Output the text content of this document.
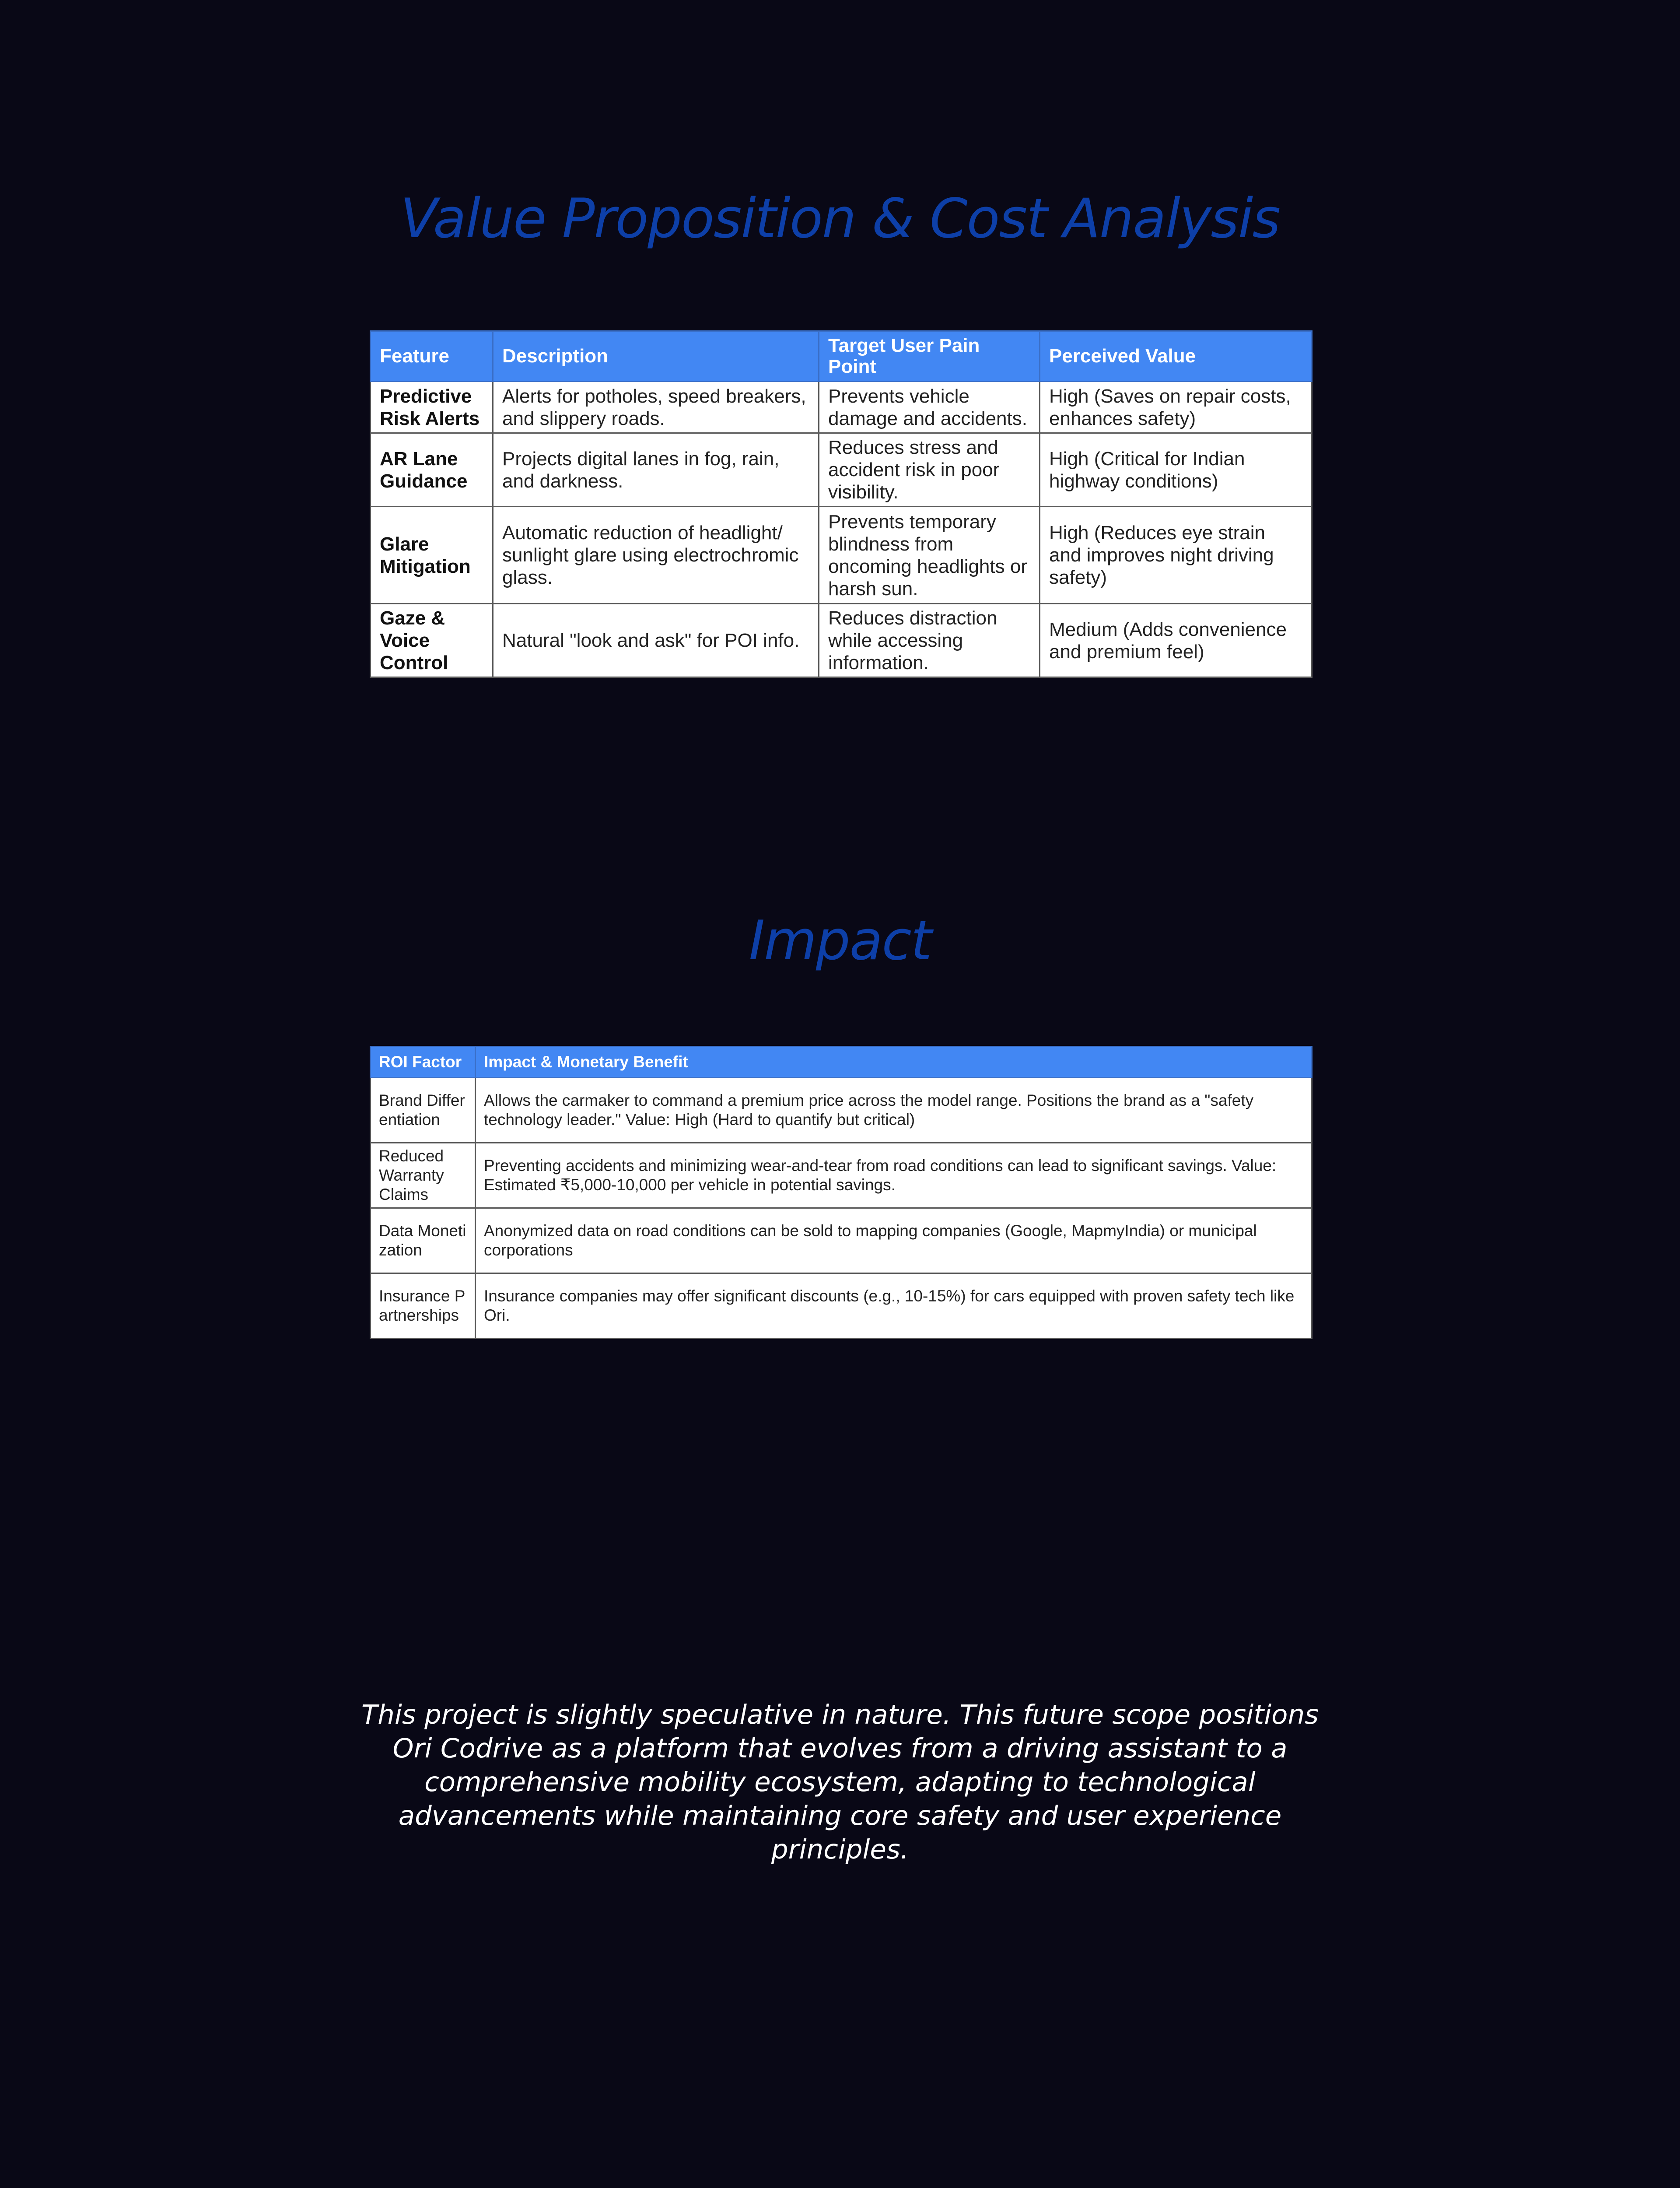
Value Proposition & Cost Analysis
Feature	Description	Target User Pain Point	Perceived Value
Predictive Risk Alerts	Alerts for potholes, speed breakers, and slippery roads.	Prevents vehicle damage and accidents.	High (Saves on repair costs, enhances safety)
AR Lane Guidance	Projects digital lanes in fog, rain, and darkness.	Reduces stress and accident risk in poor visibility.	High (Critical for Indian highway conditions)
Glare Mitigation	Automatic reduction of headlight/ sunlight glare using electrochromic glass.	Prevents temporary blindness from oncoming headlights or harsh sun.	High (Reduces eye strain and improves night driving safety)
Gaze & Voice Control	Natural "look and ask" for POI info.	Reduces distraction while accessing information.	Medium (Adds convenience and premium feel)
Impact
ROI Factor	Impact & Monetary Benefit
Brand Differentiation	Allows the carmaker to command a premium price across the model range. Positions the brand as a "safety technology leader." Value: High (Hard to quantify but critical)
Reduced Warranty Claims	Preventing accidents and minimizing wear-and-tear from road conditions can lead to significant savings. Value: Estimated ₹5,000-10,000 per vehicle in potential savings.
Data Monetization	Anonymized data on road conditions can be sold to mapping companies (Google, MapmyIndia) or municipal corporations
Insurance Partnerships	Insurance companies may offer significant discounts (e.g., 10-15%) for cars equipped with proven safety tech like Ori.

This project is slightly speculative in nature. This future scope positions Ori Codrive as a platform that evolves from a driving assistant to a comprehensive mobility ecosystem, adapting to technological advancements while maintaining core safety and user experience principles.
